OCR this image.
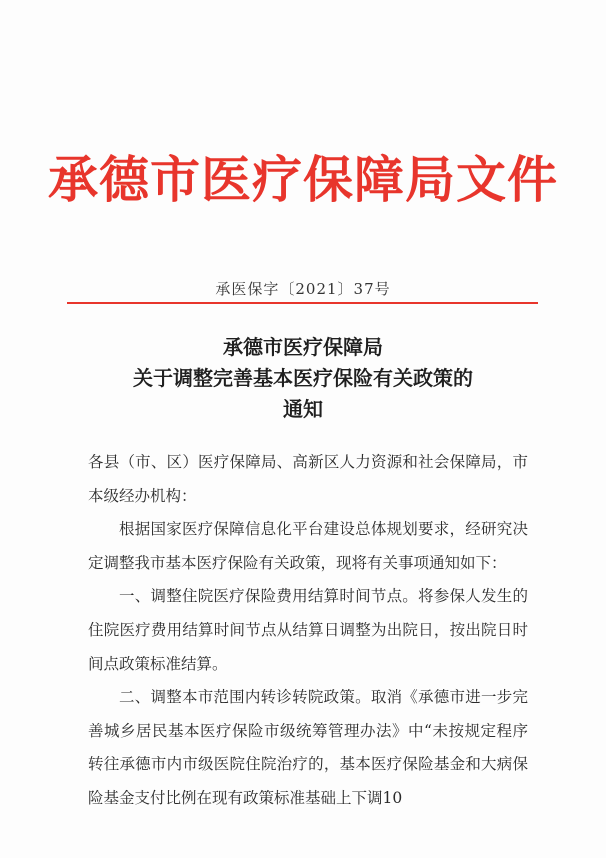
承德市医疗保障局文件
承医保字〔2021〕37号
承德市医疗保障局
关于调整完善基本医疗保险有关政策的
通知

各县（市、区）医疗保障局、高新区人力资源和社会保障局，市本级经办机构：

根据国家医疗保障信息化平台建设总体规划要求，经研究决定调整我市基本医疗保险有关政策，现将有关事项通知如下：

一、调整住院医疗保险费用结算时间节点。将参保人发生的住院医疗费用结算时间节点从结算日调整为出院日，按出院日时间点政策标准结算。

二、调整本市范围内转诊转院政策。取消《承德市进一步完善城乡居民基本医疗保险市级统筹管理办法》中“未按规定程序转往承德市内市级医院住院治疗的，基本医疗保险基金和大病保险基金支付比例在现有政策标准基础上下调10
